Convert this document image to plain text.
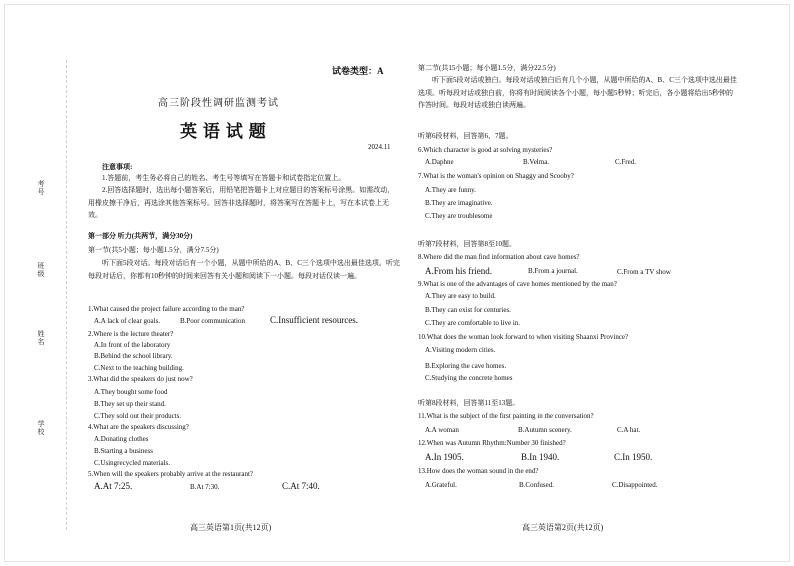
考号
班级
姓名
学校
试卷类型：A
高三阶段性调研监测考试
英 语 试 题
2024.11
注意事项:
1.答题前，考生务必将自己的姓名、考生号等填写在答题卡和试卷指定位置上。
2.回答选择题时，选出每小题答案后，用铅笔把答题卡上对应题目的答案标号涂黑。如需改动，用橡皮擦干净后，再选涂其他答案标号。回答非选择题时，将答案写在答题卡上，写在本试卷上无效。
第一部分 听力(共两节，满分30分)
第一节(共5小题；每小题1.5分，满分7.5分)
听下面5段对话。每段对话后有一个小题，从题中所给的A、B、C三个选项中选出最佳选项。听完每段对话后，你都有10秒钟的时间来回答有关小题和阅读下一小题。每段对话仅读一遍。
1.What caused the project failure according to the man?
A.A lack of clear goals.	B.Poor communication	C.Insufficient resources.
2.Where is the lecture theater?
A.In front of the laboratory
B.Behind the school library.
C.Next to the teaching building.
3.What did the speakers do just now?
A.They bought some food
B.They set up their stand.
C.They sold out their products.
4.What are the speakers discussing?
A.Donating clothes
B.Starting a business
C.Usingrecycled materials.
5.When will the speakers probably arrive at the restaurant?
A.At 7:25.	B.At 7:30.	C.At 7:40.
高三英语第1页(共12页)
第二节(共15小题；每小题1.5分，满分22.5分)
听下面5段对话或独白。每段对话或独白后有几个小题，从题中所给的A、B、C三个选项中选出最佳选项。听每段对话或独白前，你将有时间阅读各个小题，每小题5秒钟；听完后，各小题将给出5秒钟的作答时间。每段对话或独白读两遍。
听第6段材料，回答第6、7题。
6.Which character is good at solving mysteries?
A.Daphne	B.Velma.	C.Fred.
7.What is the woman's opinion on Shaggy and Scooby?
A.They are funny.
B.They are imaginative.
C.They are troublesome
听第7段材料，回答第8至10题。
8.Where did the man find information about cave homes?
A.From his friend.	B.From a journal.	C.From a TV show
9.What is one of the advantages of cave homes mentioned by the man?
A.They are easy to build.
B.They can exist for centuries.
C.They are comfortable to live in.
10.What does the woman look forward to when visiting Shaanxi Province?
A.Visiting modern cities.
B.Exploring the cave homes.
C.Studying the concrete homes
听第8段材料，回答第11至13题。
11.What is the subject of the first painting in the conversation?
A.A woman	B.Autumn scenery.	C.A hat.
12.When was Autumn Rhythm:Number 30 finished?
A.In 1905.	B.In 1940.	C.In 1950.
13.How does the woman sound in the end?
A.Grateful.	B.Confused.	C.Disappointed.
高三英语第2页(共12页)
